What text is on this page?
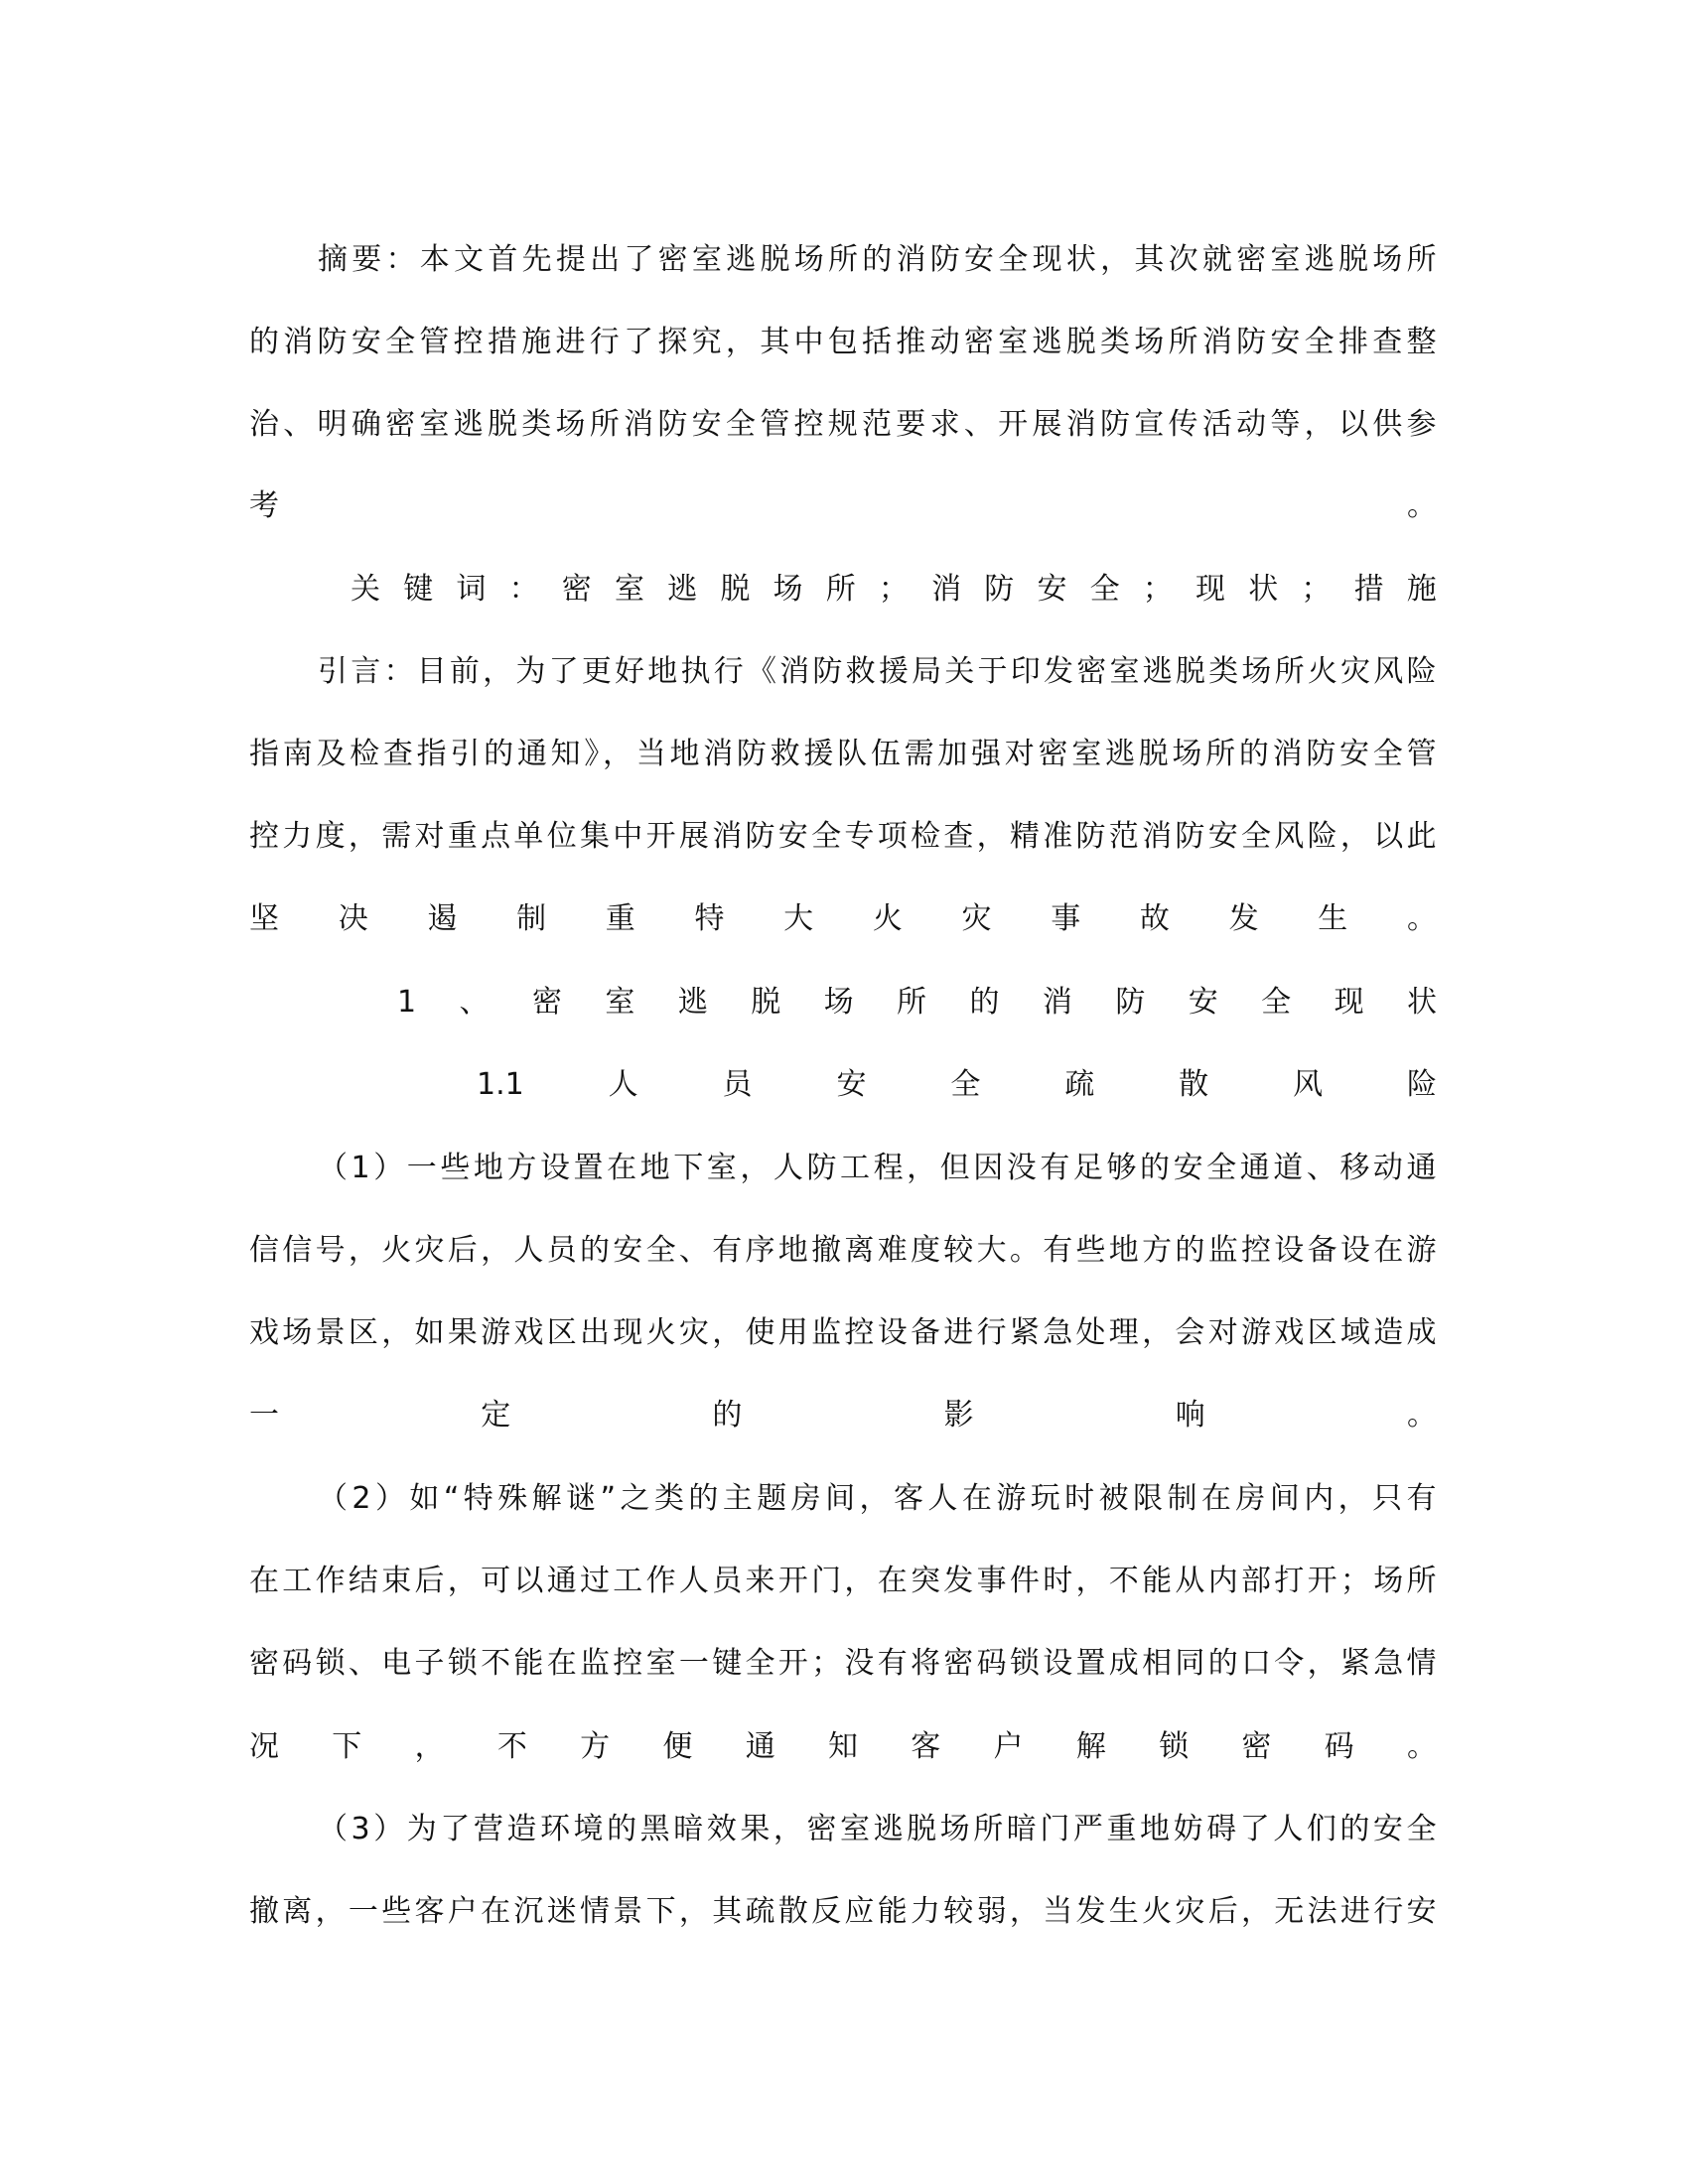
摘要：本文首先提出了密室逃脱场所的消防安全现状，其次就密室逃脱场所
的消防安全管控措施进行了探究，其中包括推动密室逃脱类场所消防安全排查整
治、明确密室逃脱类场所消防安全管控规范要求、开展消防宣传活动等，以供参
考	。
关 键 词 ： 密 室 逃 脱 场 所 ； 消 防 安 全 ； 现 状 ； 措 施
引言：目前，为了更好地执行《消防救援局关于印发密室逃脱类场所火灾风险
指南及检查指引的通知》，当地消防救援队伍需加强对密室逃脱场所的消防安全管
控力度，需对重点单位集中开展消防安全专项检查，精准防范消防安全风险，以此
坚 决 遏 制 重 特 大 火 灾 事 故 发 生 。
1 、 密 室 逃 脱 场 所 的 消 防 安 全 现 状
1.1	人	员	安	全	疏	散	风	险
（1）一些地方设置在地下室，人防工程，但因没有足够的安全通道、移动通
信信号，火灾后，人员的安全、有序地撤离难度较大。有些地方的监控设备设在游
戏场景区，如果游戏区出现火灾，使用监控设备进行紧急处理，会对游戏区域造成
一	定	的	影	响	。
（2）如“特殊解谜”之类的主题房间，客人在游玩时被限制在房间内，只有
在工作结束后，可以通过工作人员来开门，在突发事件时，不能从内部打开；场所
密码锁、电子锁不能在监控室一键全开；没有将密码锁设置成相同的口令，紧急情
况 下 ， 不 方 便 通 知 客 户 解 锁 密 码 。
（3）为了营造环境的黑暗效果，密室逃脱场所暗门严重地妨碍了人们的安全
撤离，一些客户在沉迷情景下，其疏散反应能力较弱，当发生火灾后，无法进行安
